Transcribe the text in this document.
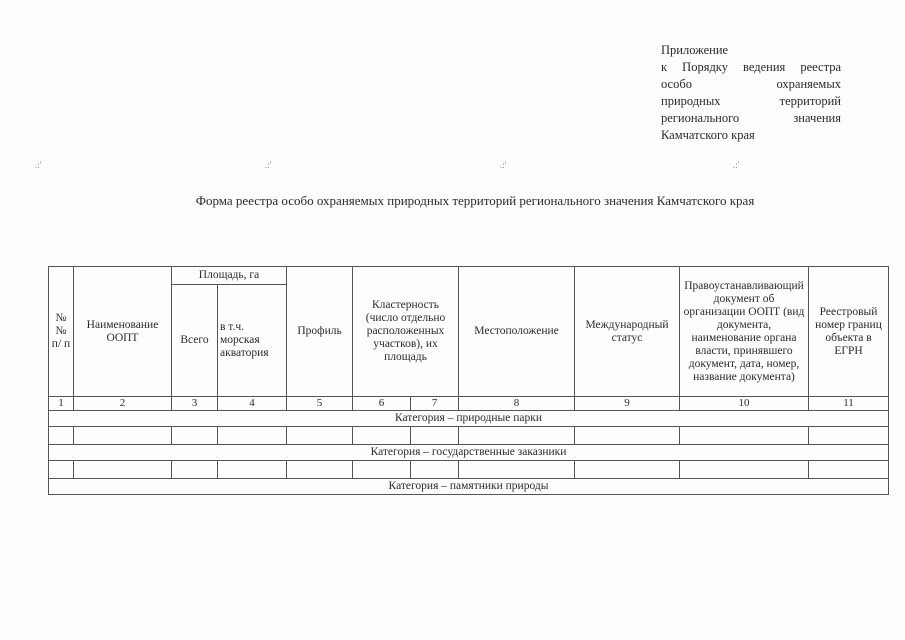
Приложение
к Порядку ведения реестра
особо охраняемых
природных территорий
регионального значения
Камчатского края
.:'	.:'	.:'	.:'
Форма реестра особо охраняемых природных территорий регионального значения Камчатского края
№ № п/ п	Наименование ООПТ	Площадь, га		Профиль	Кластерность (число отдельно расположенных участков), их площадь		Местоположение	Международный статус	Правоустанавливающий документ об организации ООПТ (вид документа, наименование органа власти, принявшего документ, дата, номер, название документа)	Реестровый номер границ объекта в ЕГРН
		Всего	в т.ч. морская акватория							
1	2	3	4	5	6	7	8	9	10	11
Категория – природные парки										

Категория – государственные заказники										

Категория – памятники природы										
